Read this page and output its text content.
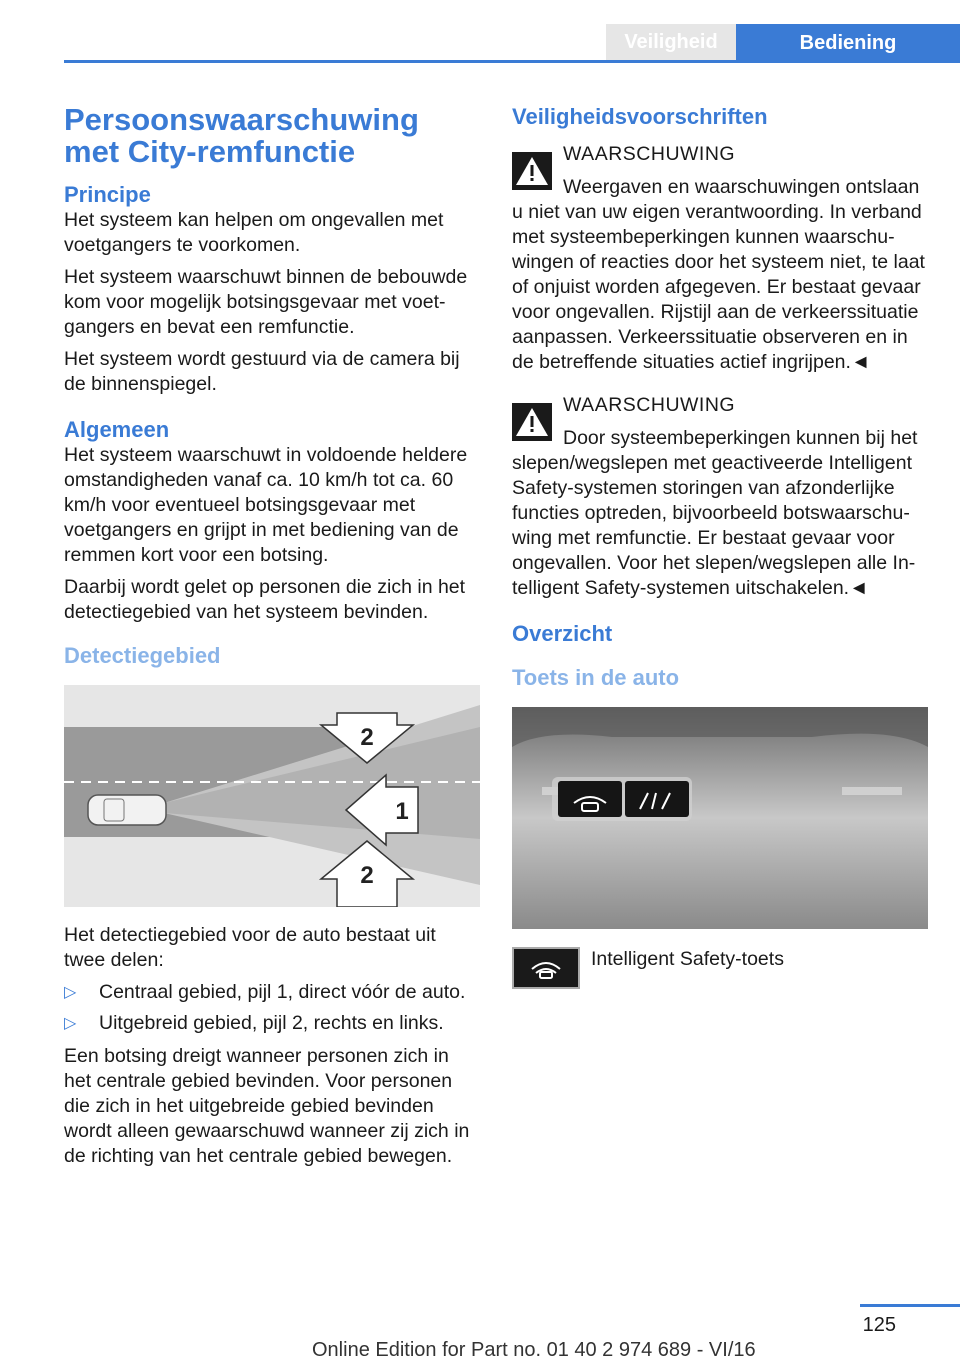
Veiligheid	Bediening
Persoonswaarschuwing met City-remfunctie
Principe

Het systeem kan helpen om ongevallen met voetgangers te voorkomen.

Het systeem waarschuwt binnen de bebouwde kom voor mogelijk botsingsgevaar met voetgangers en bevat een remfunctie.

Het systeem wordt gestuurd via de camera bij de binnenspiegel.

Algemeen

Het systeem waarschuwt in voldoende heldere omstandigheden vanaf ca. 10 km/h tot ca. 60 km/h voor eventueel botsingsgevaar met voetgangers en grijpt in met bediening van de remmen kort voor een botsing.

Daarbij wordt gelet op personen die zich in het detectiegebied van het systeem bevinden.

Detectiegebied
2
1
2

Het detectiegebied voor de auto bestaat uit twee delen:

▷ Centraal gebied, pijl 1, direct vóór de auto.
▷ Uitgebreid gebied, pijl 2, rechts en links.

Een botsing dreigt wanneer personen zich in het centrale gebied bevinden. Voor personen die zich in het uitgebreide gebied bevinden wordt alleen gewaarschuwd wanneer zij zich in de richting van het centrale gebied bewegen.

Veiligheidsvoorschriften
WAARSCHUWING
Weergaven en waarschuwingen ontslaan u niet van uw eigen verantwoording. In verband met systeembeperkingen kunnen waarschuwingen of reacties door het systeem niet, te laat of onjuist worden afgegeven. Er bestaat gevaar voor ongevallen. Rijstijl aan de verkeerssituatie aanpassen. Verkeerssituatie observeren en in de betreffende situaties actief ingrijpen.◄
WAARSCHUWING
Door systeembeperkingen kunnen bij het slepen/wegslepen met geactiveerde Intelligent Safety-systemen storingen van afzonderlijke functies optreden, bijvoorbeeld botswaarschuwing met remfunctie. Er bestaat gevaar voor ongevallen. Voor het slepen/wegslepen alle Intelligent Safety-systemen uitschakelen.◄
Overzicht
Toets in de auto
Intelligent Safety-toets
125
Online Edition for Part no. 01 40 2 974 689 - VI/16
